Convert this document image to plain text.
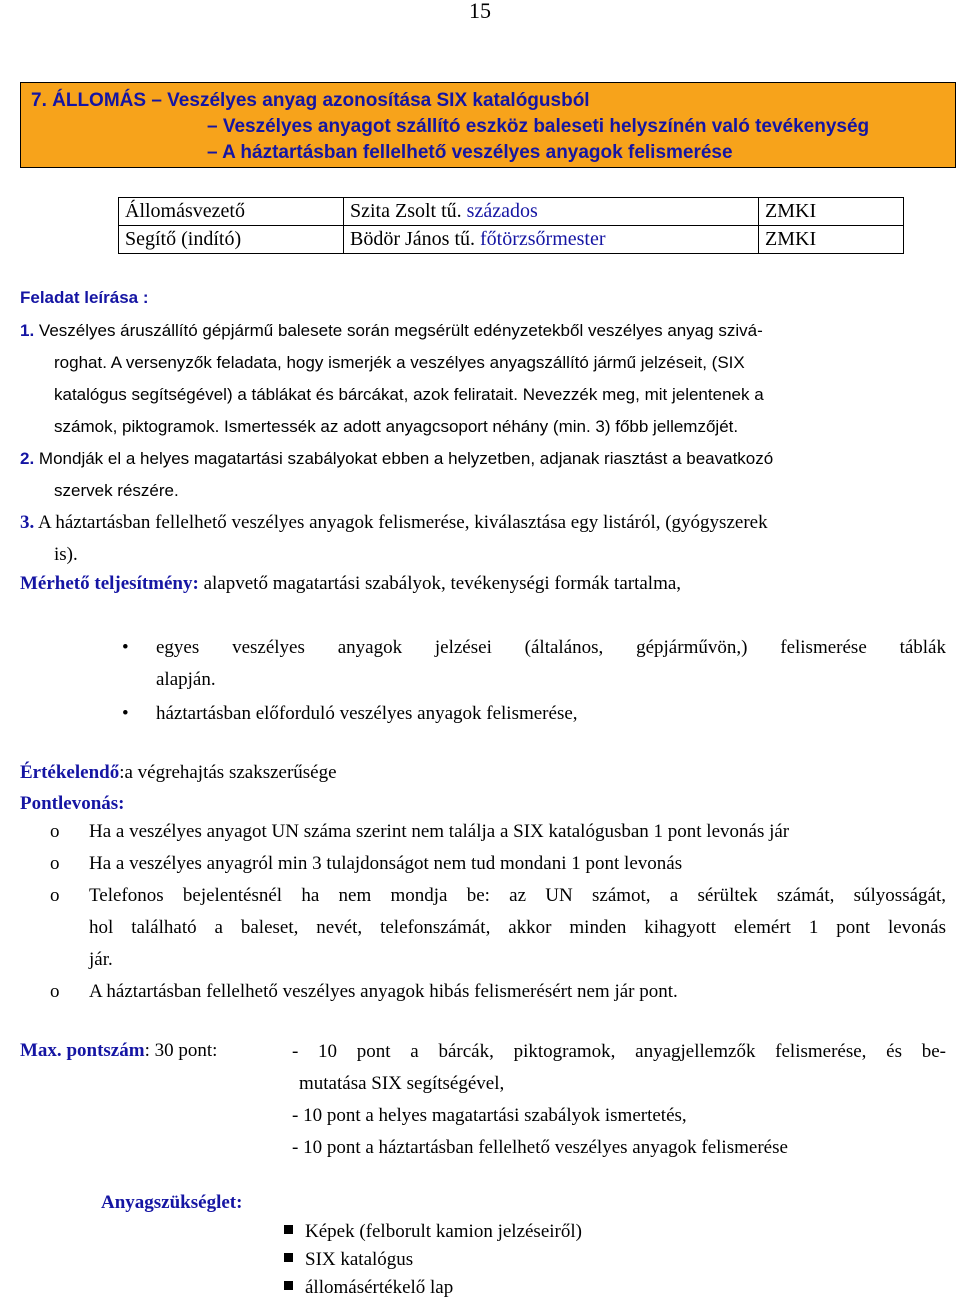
15
7. ÁLLOMÁS – Veszélyes anyag azonosítása SIX katalógusból
– Veszélyes anyagot szállító eszköz baleseti helyszínén való tevékenység
– A háztartásban fellelhető veszélyes anyagok felismerése
Állomásvezető	Szita Zsolt tű. százados	ZMKI
Segítő (indító)	Bödör János tű. főtörzsőrmester	ZMKI
Feladat leírása :
1. Veszélyes áruszállító gépjármű balesete során megsérült edényzetekből veszélyes anyag szivá-
roghat. A versenyzők feladata, hogy ismerjék a veszélyes anyagszállító jármű jelzéseit, (SIX
katalógus segítségével) a táblákat és bárcákat, azok feliratait. Nevezzék meg, mit jelentenek a
számok, piktogramok. Ismertessék az adott anyagcsoport néhány (min. 3) főbb jellemzőjét.
2. Mondják el a helyes magatartási szabályokat ebben a helyzetben, adjanak riasztást a beavatkozó
szervek részére.
3. A háztartásban fellelhető veszélyes anyagok felismerése, kiválasztása egy listáról, (gyógyszerek
is).
Mérhető teljesítmény: alapvető magatartási szabályok, tevékenységi formák tartalma,
•	egyes veszélyes anyagok jelzései (általános, gépjárművön,) felismerése táblák
alapján.
•	háztartásban előforduló veszélyes anyagok felismerése,
Értékelendő:a végrehajtás szakszerűsége
Pontlevonás:
o	Ha a veszélyes anyagot UN száma szerint nem találja a SIX katalógusban 1 pont levonás jár
o	Ha a veszélyes anyagról min 3 tulajdonságot nem tud mondani 1 pont levonás
o	Telefonos bejelentésnél ha nem mondja be: az UN számot, a sérültek számát, súlyosságát,
hol található a baleset, nevét, telefonszámát, akkor minden kihagyott elemért 1 pont levonás
jár.
o	A háztartásban fellelhető veszélyes anyagok hibás felismerésért nem jár pont.
Max. pontszám: 30 pont:	- 10 pont a bárcák, piktogramok, anyagjellemzők felismerése, és be-
mutatása SIX segítségével,
- 10 pont a helyes magatartási szabályok ismertetés,
- 10 pont a háztartásban fellelhető veszélyes anyagok felismerése
Anyagszükséglet:
Képek (felborult kamion jelzéseiről)
SIX katalógus
állomásértékelő lap
